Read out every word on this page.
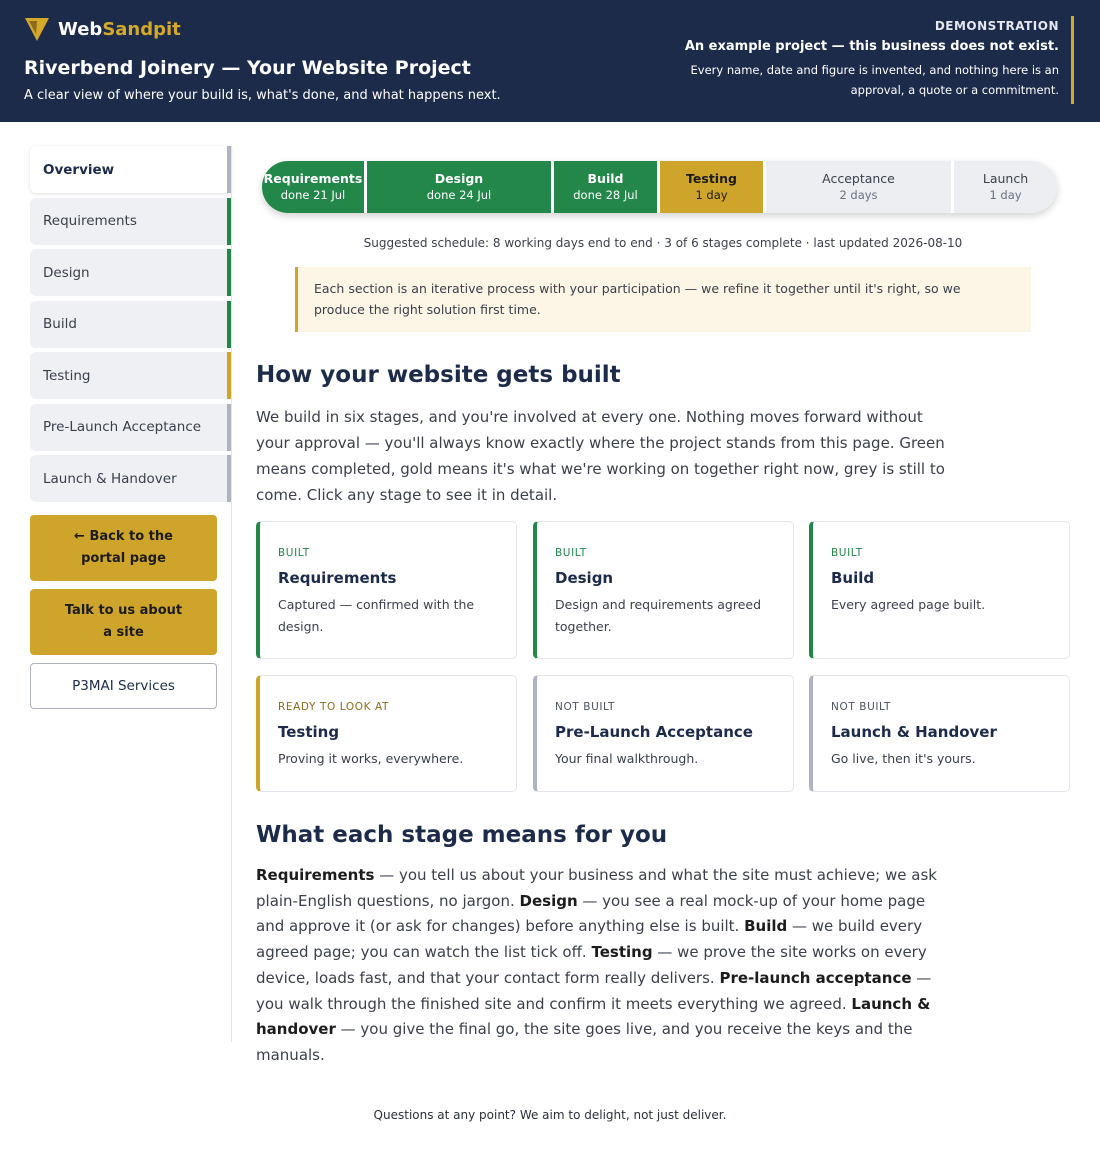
WebSandpit
Riverbend Joinery — Your Website Project
A clear view of where your build is, what's done, and what happens next.
DEMONSTRATION
An example project — this business does not exist.
Every name, date and figure is invented, and nothing here is an approval, a quote or a commitment.
Overview
Requirements
Design
Build
Testing
Pre-Launch Acceptance
Launch & Handover
← Back to the portal page
Talk to us about a site
P3MAI Services
Requirements
done 21 Jul
Design
done 24 Jul
Build
done 28 Jul
Testing
1 day
Acceptance
2 days
Launch
1 day
Suggested schedule: 8 working days end to end · 3 of 6 stages complete · last updated 2026-08-10
Each section is an iterative process with your participation — we refine it together until it's right, so we produce the right solution first time.
How your website gets built
We build in six stages, and you're involved at every one. Nothing moves forward without your approval — you'll always know exactly where the project stands from this page. Green means completed, gold means it's what we're working on together right now, grey is still to come. Click any stage to see it in detail.
BUILT
Requirements
Captured — confirmed with the design.
BUILT
Design
Design and requirements agreed together.
BUILT
Build
Every agreed page built.
READY TO LOOK AT
Testing
Proving it works, everywhere.
NOT BUILT
Pre-Launch Acceptance
Your final walkthrough.
NOT BUILT
Launch & Handover
Go live, then it's yours.
What each stage means for you
Requirements — you tell us about your business and what the site must achieve; we ask plain-English questions, no jargon. Design — you see a real mock-up of your home page and approve it (or ask for changes) before anything else is built. Build — we build every agreed page; you can watch the list tick off. Testing — we prove the site works on every device, loads fast, and that your contact form really delivers. Pre-launch acceptance — you walk through the finished site and confirm it meets everything we agreed. Launch & handover — you give the final go, the site goes live, and you receive the keys and the manuals.
Questions at any point? We aim to delight, not just deliver.
